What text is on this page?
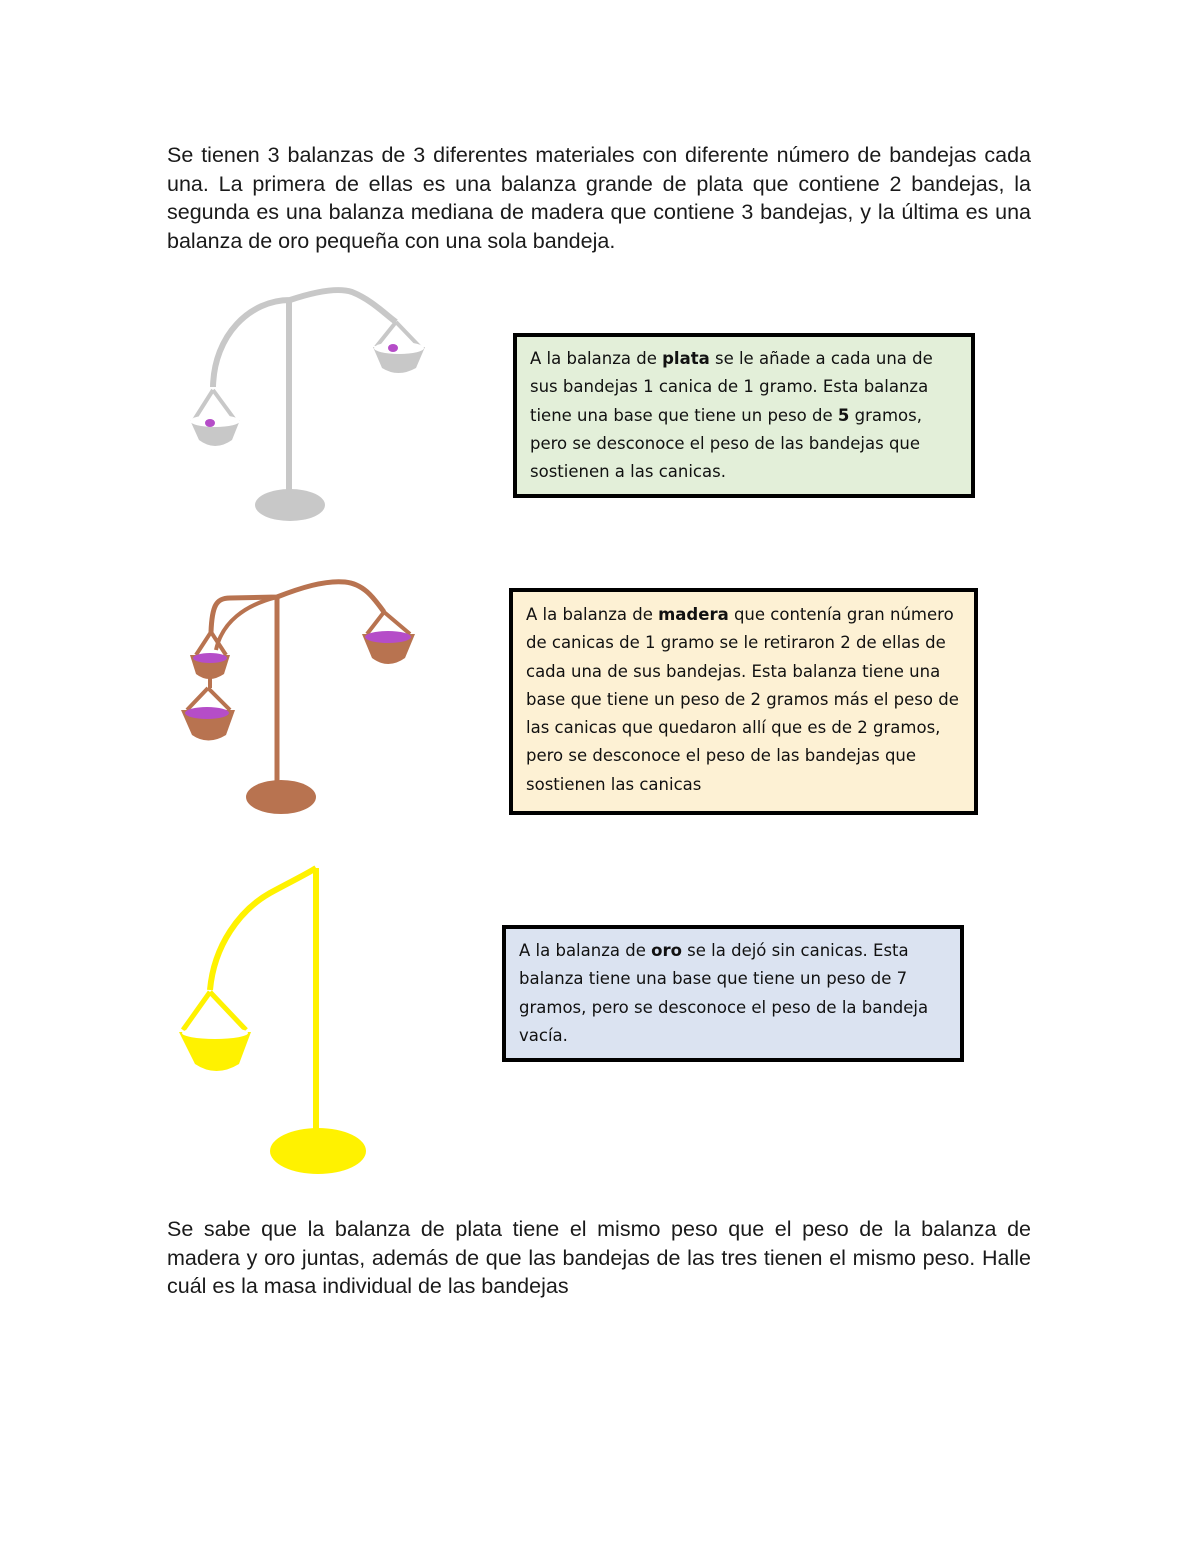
Se tienen 3 balanzas de 3 diferentes materiales con diferente número de bandejas cada una. La primera de ellas es una balanza grande de plata que contiene 2 bandejas, la segunda es una balanza mediana de madera que contiene 3 bandejas, y la última es una balanza de oro pequeña con una sola bandeja.
A la balanza de plata se le añade a cada una de sus bandejas 1 canica de 1 gramo. Esta balanza tiene una base que tiene un peso de 5 gramos, pero se desconoce el peso de las bandejas que sostienen a las canicas.
A la balanza de madera que contenía gran número de canicas de 1 gramo se le retiraron 2 de ellas de cada una de sus bandejas. Esta balanza tiene una base que tiene un peso de 2 gramos más el peso de las canicas que quedaron allí que es de 2 gramos, pero se desconoce el peso de las bandejas que sostienen las canicas
A la balanza de oro se la dejó sin canicas. Esta balanza tiene una base que tiene un peso de 7 gramos, pero se desconoce el peso de la bandeja vacía.
Se sabe que la balanza de plata tiene el mismo peso que el peso de la balanza de madera y oro juntas, además de que las bandejas de las tres tienen el mismo peso. Halle cuál es la masa individual de las bandejas
